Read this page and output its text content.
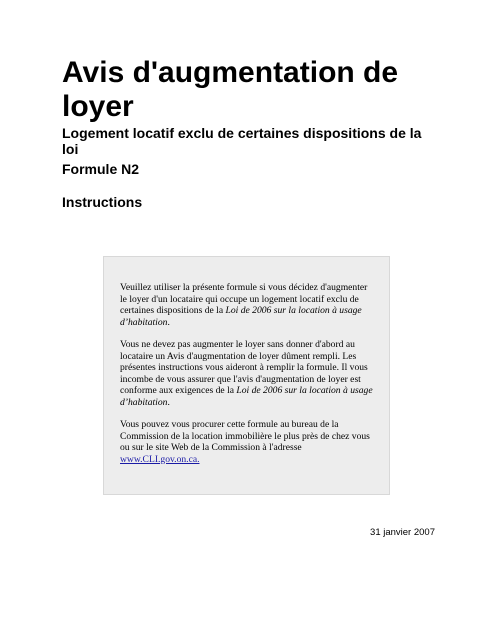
Avis d'augmentation de loyer

Logement locatif exclu de certaines dispositions de la loi

Formule N2

Instructions

Veuillez utiliser la présente formule si vous décidez d'augmenter le loyer d'un locataire qui occupe un logement locatif exclu de certaines dispositions de la Loi de 2006 sur la location à usage d’habitation.

Vous ne devez pas augmenter le loyer sans donner d'abord au locataire un Avis d'augmentation de loyer dûment rempli. Les présentes instructions vous aideront à remplir la formule. Il vous incombe de vous assurer que l'avis d'augmentation de loyer est conforme aux exigences de la Loi de 2006 sur la location à usage d’habitation.

Vous pouvez vous procurer cette formule au bureau de la Commission de la location immobilière le plus près de chez vous ou sur le site Web de la Commission à l'adresse www.CLI.gov.on.ca.

31 janvier 2007
